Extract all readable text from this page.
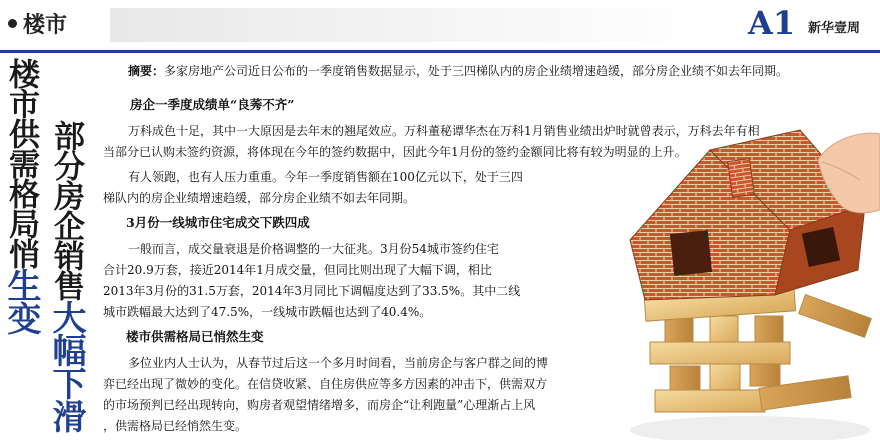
楼市	A1 新华壹周
楼市供需格局悄生变
部分房企销售大幅下滑
摘要：多家房地产公司近日公布的一季度销售数据显示，处于三四梯队内的房企业绩增速趋缓，部分房企业绩不如去年同期。
房企一季度成绩单“良莠不齐”
万科成色十足，其中一大原因是去年末的翘尾效应。万科董秘谭华杰在万科1月销售业绩出炉时就曾表示，万科去年有相
当部分已认购未签约资源，将体现在今年的签约数据中，因此今年1月份的签约金额同比将有较为明显的上升。
有人领跑，也有人压力重重。今年一季度销售额在100亿元以下，处于三四
梯队内的房企业绩增速趋缓，部分房企业绩不如去年同期。
3月份一线城市住宅成交下跌四成
一般而言，成交量衰退是价格调整的一大征兆。3月份54城市签约住宅
合计20.9万套，接近2014年1月成交量，但同比则出现了大幅下调，相比
2013年3月份的31.5万套，2014年3月同比下调幅度达到了33.5%。其中二线
城市跌幅最大达到了47.5%，一线城市跌幅也达到了40.4%。
楼市供需格局已悄然生变
多位业内人士认为，从春节过后这一个多月时间看，当前房企与客户群之间的博
弈已经出现了微妙的变化。在信贷收紧、自住房供应等多方因素的冲击下，供需双方
的市场预判已经出现转向，购房者观望情绪增多，而房企“让利跑量”心理渐占上风
，供需格局已经悄然生变。
